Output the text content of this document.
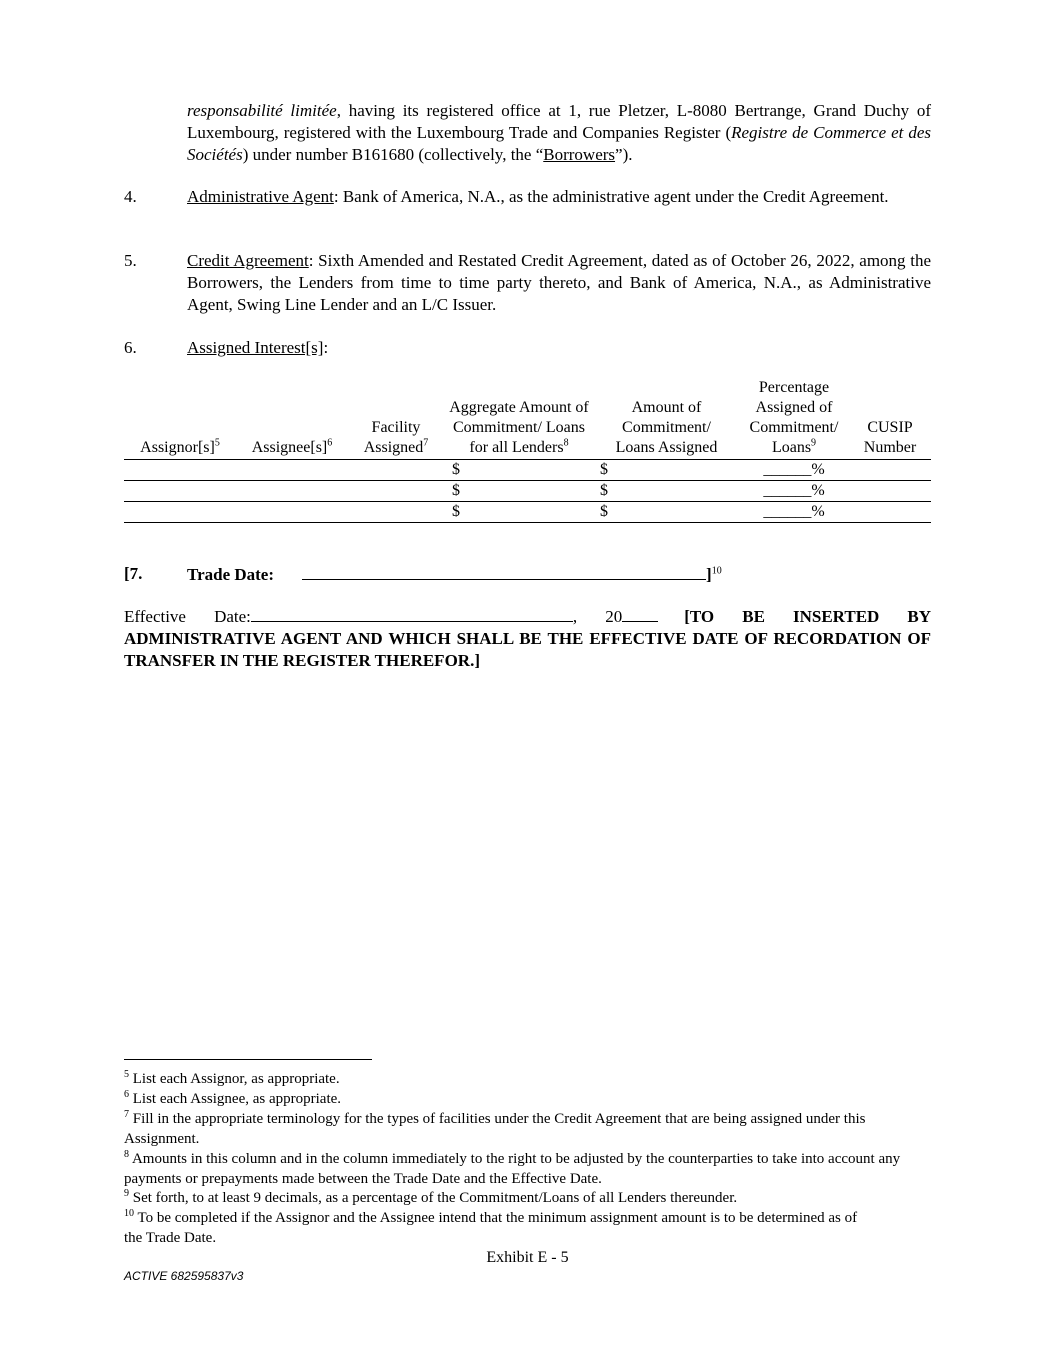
responsabilité limitée, having its registered office at 1, rue Pletzer, L-8080 Bertrange, Grand Duchy of Luxembourg, registered with the Luxembourg Trade and Companies Register (Registre de Commerce et des Sociétés) under number B161680 (collectively, the “Borrowers”).
4.	Administrative Agent: Bank of America, N.A., as the administrative agent under the Credit Agreement.
5.	Credit Agreement: Sixth Amended and Restated Credit Agreement, dated as of October 26, 2022, among the Borrowers, the Lenders from time to time party thereto, and Bank of America, N.A., as Administrative Agent, Swing Line Lender and an L/C Issuer.
6.	Assigned Interest[s]:
$Assignor[s]^5$	$Assignee[s]^6$	Facility Assigned$^7$	Aggregate Amount of Commitment/ Loans for all Lenders$^8$	Amount of Commitment/ Loans Assigned	Percentage Assigned of Commitment/ Loans$^9$	CUSIP Number

			$	$	______%	
			$	$	______%	
			$	$	______%	
[7.	Trade Date:	]$^{10}$
Effective Date:	, 20	[TO BE INSERTED BY ADMINISTRATIVE AGENT AND WHICH SHALL BE THE EFFECTIVE DATE OF RECORDATION OF TRANSFER IN THE REGISTER THEREFOR.]
$^5$ List each Assignor, as appropriate.
$^6$ List each Assignee, as appropriate.
$^7$ Fill in the appropriate terminology for the types of facilities under the Credit Agreement that are being assigned under this Assignment.
$^8$ Amounts in this column and in the column immediately to the right to be adjusted by the counterparties to take into account any payments or prepayments made between the Trade Date and the Effective Date.
$^9$ Set forth, to at least 9 decimals, as a percentage of the Commitment/Loans of all Lenders thereunder.
$^{10}$ To be completed if the Assignor and the Assignee intend that the minimum assignment amount is to be determined as of the Trade Date.
Exhibit E - 5
ACTIVE 682595837v3
